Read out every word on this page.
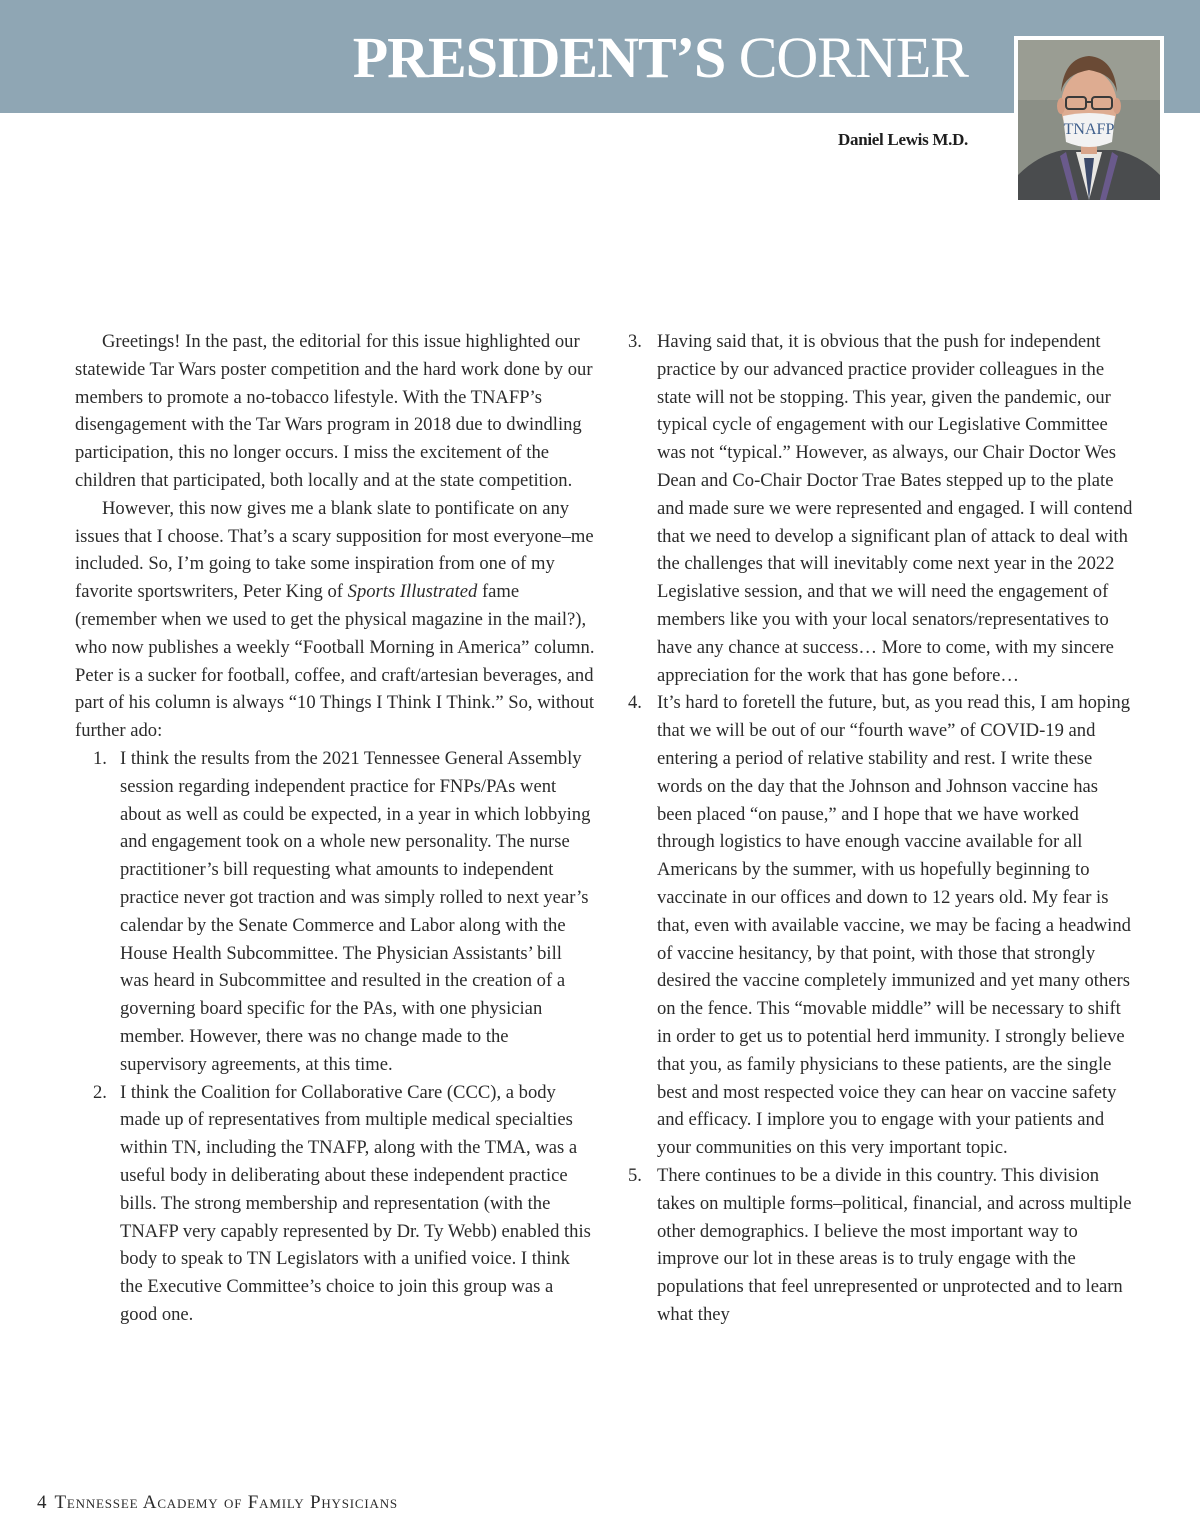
PRESIDENT’S CORNER
TNAFP
Daniel Lewis M.D.

Greetings! In the past, the editorial for this issue highlighted our statewide Tar Wars poster competition and the hard work done by our members to promote a no-tobacco lifestyle. With the TNAFP’s disengagement with the Tar Wars program in 2018 due to dwindling participation, this no longer occurs. I miss the excitement of the children that participated, both locally and at the state competition.

However, this now gives me a blank slate to pontificate on any issues that I choose. That’s a scary supposition for most everyone–me included. So, I’m going to take some inspiration from one of my favorite sportswriters, Peter King of Sports Illustrated fame (remember when we used to get the physical magazine in the mail?), who now publishes a weekly “Football Morning in America” column. Peter is a sucker for football, coffee, and craft/artesian beverages, and part of his column is always “10 Things I Think I Think.” So, without further ado:

1. I think the results from the 2021 Tennessee General Assembly session regarding independent practice for FNPs/PAs went about as well as could be expected, in a year in which lobbying and engagement took on a whole new personality. The nurse practitioner’s bill requesting what amounts to independent practice never got traction and was simply rolled to next year’s calendar by the Senate Commerce and Labor along with the House Health Subcommittee. The Physician Assistants’ bill was heard in Subcommittee and resulted in the creation of a governing board specific for the PAs, with one physician member. However, there was no change made to the supervisory agreements, at this time.

2. I think the Coalition for Collaborative Care (CCC), a body made up of representatives from multiple medical specialties within TN, including the TNAFP, along with the TMA, was a useful body in deliberating about these independent practice bills. The strong membership and representation (with the TNAFP very capably represented by Dr. Ty Webb) enabled this body to speak to TN Legislators with a unified voice. I think the Executive Committee’s choice to join this group was a good one.

3. Having said that, it is obvious that the push for independent practice by our advanced practice provider colleagues in the state will not be stopping. This year, given the pandemic, our typical cycle of engagement with our Legislative Committee was not “typical.” However, as always, our Chair Doctor Wes Dean and Co-Chair Doctor Trae Bates stepped up to the plate and made sure we were represented and engaged. I will contend that we need to develop a significant plan of attack to deal with the challenges that will inevitably come next year in the 2022 Legislative session, and that we will need the engagement of members like you with your local senators/representatives to have any chance at success… More to come, with my sincere appreciation for the work that has gone before…

4. It’s hard to foretell the future, but, as you read this, I am hoping that we will be out of our “fourth wave” of COVID-19 and entering a period of relative stability and rest. I write these words on the day that the Johnson and Johnson vaccine has been placed “on pause,” and I hope that we have worked through logistics to have enough vaccine available for all Americans by the summer, with us hopefully beginning to vaccinate in our offices and down to 12 years old. My fear is that, even with available vaccine, we may be facing a headwind of vaccine hesitancy, by that point, with those that strongly desired the vaccine completely immunized and yet many others on the fence. This “movable middle” will be necessary to shift in order to get us to potential herd immunity. I strongly believe that you, as family physicians to these patients, are the single best and most respected voice they can hear on vaccine safety and efficacy. I implore you to engage with your patients and your communities on this very important topic.

5. There continues to be a divide in this country. This division takes on multiple forms–political, financial, and across multiple other demographics. I believe the most important way to improve our lot in these areas is to truly engage with the populations that feel unrepresented or unprotected and to learn what they

4 Tennessee Academy of Family Physicians
